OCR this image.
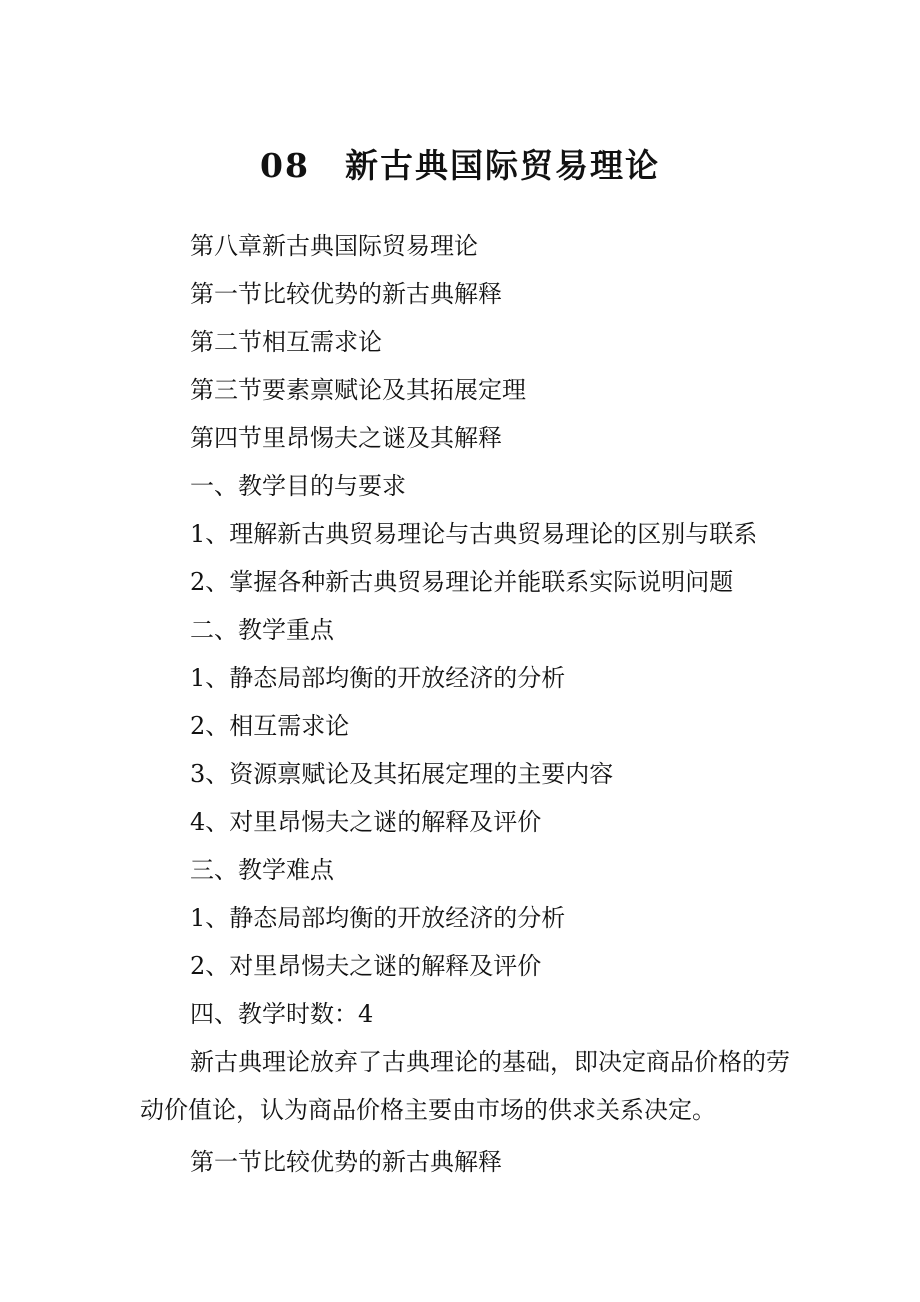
08　新古典国际贸易理论
第八章新古典国际贸易理论
第一节比较优势的新古典解释
第二节相互需求论
第三节要素禀赋论及其拓展定理
第四节里昂惕夫之谜及其解释
一、教学目的与要求
1、理解新古典贸易理论与古典贸易理论的区别与联系
2、掌握各种新古典贸易理论并能联系实际说明问题
二、教学重点
1、静态局部均衡的开放经济的分析
2、相互需求论
3、资源禀赋论及其拓展定理的主要内容
4、对里昂惕夫之谜的解释及评价
三、教学难点
1、静态局部均衡的开放经济的分析
2、对里昂惕夫之谜的解释及评价
四、教学时数：4
新古典理论放弃了古典理论的基础，即决定商品价格的劳动价值论，认为商品价格主要由市场的供求关系决定。
第一节比较优势的新古典解释
